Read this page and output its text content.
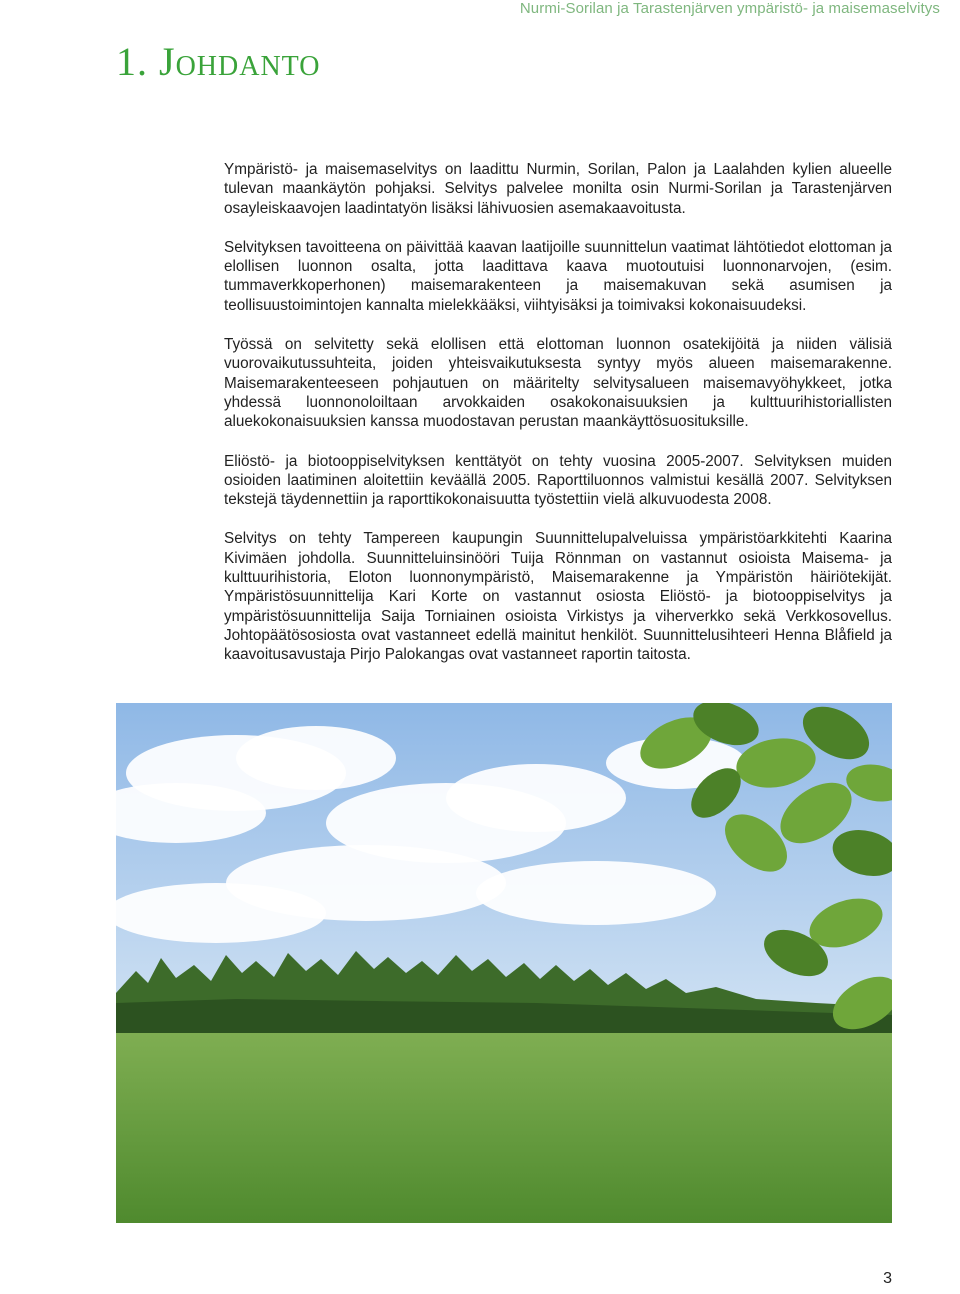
Nurmi-Sorilan ja Tarastenjärven ympäristö- ja maisemaselvitys
1. Johdanto

Ympäristö- ja maisemaselvitys on laadittu Nurmin, Sorilan, Palon ja Laalahden kylien alueelle tulevan maankäytön pohjaksi. Selvitys palvelee monilta osin Nurmi-Sorilan ja Tarastenjärven osayleiskaavojen laadintatyön lisäksi lähivuosien asemakaavoitusta.

Selvityksen tavoitteena on päivittää kaavan laatijoille suunnittelun vaatimat lähtötiedot elottoman ja elollisen luonnon osalta, jotta laadittava kaava muotoutuisi luonnonarvojen, (esim. tummaverkkoperhonen) maisemarakenteen ja maisemakuvan sekä asumisen ja teollisuustoimintojen kannalta mielekkääksi, viihtyisäksi ja toimivaksi kokonaisuudeksi.

Työssä on selvitetty sekä elollisen että elottoman luonnon osatekijöitä ja niiden välisiä vuorovaikutussuhteita, joiden yhteisvaikutuksesta syntyy myös alueen maisemarakenne. Maisemarakenteeseen pohjautuen on määritelty selvitysalueen maisemavyöhykkeet, jotka yhdessä luonnonoloiltaan arvokkaiden osakokonaisuuksien ja kulttuurihistoriallisten aluekokonaisuuksien kanssa muodostavan perustan maankäyttösuosituksille.

Eliöstö- ja biotooppiselvityksen kenttätyöt on tehty vuosina 2005-2007. Selvityksen muiden osioiden laatiminen aloitettiin keväällä 2005. Raporttiluonnos valmistui kesällä 2007. Selvityksen tekstejä täydennettiin ja raporttikokonaisuutta työstettiin vielä alkuvuodesta 2008.

Selvitys on tehty Tampereen kaupungin Suunnittelupalveluissa ympäristöarkkitehti Kaarina Kivimäen johdolla. Suunnitteluinsinööri Tuija Rönnman on vastannut osioista Maisema- ja kulttuurihistoria, Eloton luonnonympäristö, Maisemarakenne ja Ympäristön häiriötekijät. Ympäristösuunnittelija Kari Korte on vastannut osiosta Eliöstö- ja biotooppiselvitys ja ympäristösuunnittelija Saija Torniainen osioista Virkistys ja viherverkko sekä Verkkosovellus. Johtopäätösosiosta ovat vastanneet edellä mainitut henkilöt. Suunnittelusihteeri Henna Blåfield ja kaavoitusavustaja Pirjo Palokangas ovat vastanneet raportin taitosta.

3
